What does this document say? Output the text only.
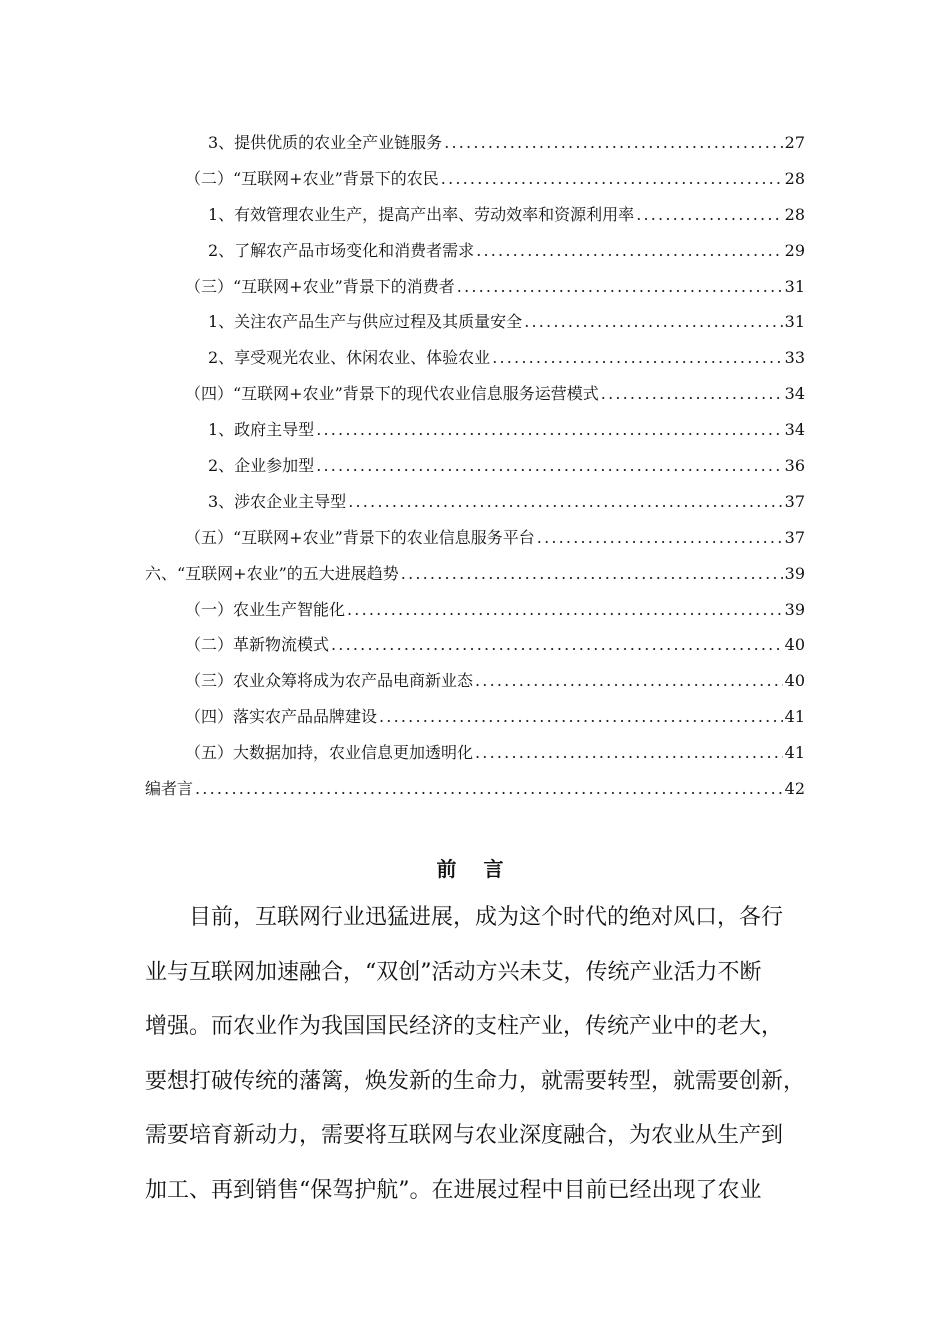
3、提供优质的农业全产业链服务 .....	27
（二）“互联网+农业”背景下的农民 .....	28
1、有效管理农业生产，提高产出率、劳动效率和资源利用率 .....	28
2、了解农产品市场变化和消费者需求 .....	29
（三）“互联网+农业”背景下的消费者 .....	31
1、关注农产品生产与供应过程及其质量安全 .....	31
2、享受观光农业、休闲农业、体验农业 .....	33
（四）“互联网+农业”背景下的现代农业信息服务运营模式 .....	34
1、政府主导型 .....	34
2、企业参加型 .....	36
3、涉农企业主导型 .....	37
（五）“互联网+农业”背景下的农业信息服务平台 .....	37
六、“互联网+农业”的五大进展趋势 .....	39
（一）农业生产智能化 .....	39
（二）革新物流模式 .....	40
（三）农业众筹将成为农产品电商新业态 .....	40
（四）落实农产品品牌建设 .....	41
（五）大数据加持，农业信息更加透明化 .....	41
编者言 .....	42
前 言
目前，互联网行业迅猛进展，成为这个时代的绝对风口，各行
业与互联网加速融合，“双创”活动方兴未艾，传统产业活力不断
增强。而农业作为我国国民经济的支柱产业，传统产业中的老大，
要想打破传统的藩篱，焕发新的生命力，就需要转型，就需要创新，
需要培育新动力，需要将互联网与农业深度融合，为农业从生产到
加工、再到销售“保驾护航”。在进展过程中目前已经出现了农业
